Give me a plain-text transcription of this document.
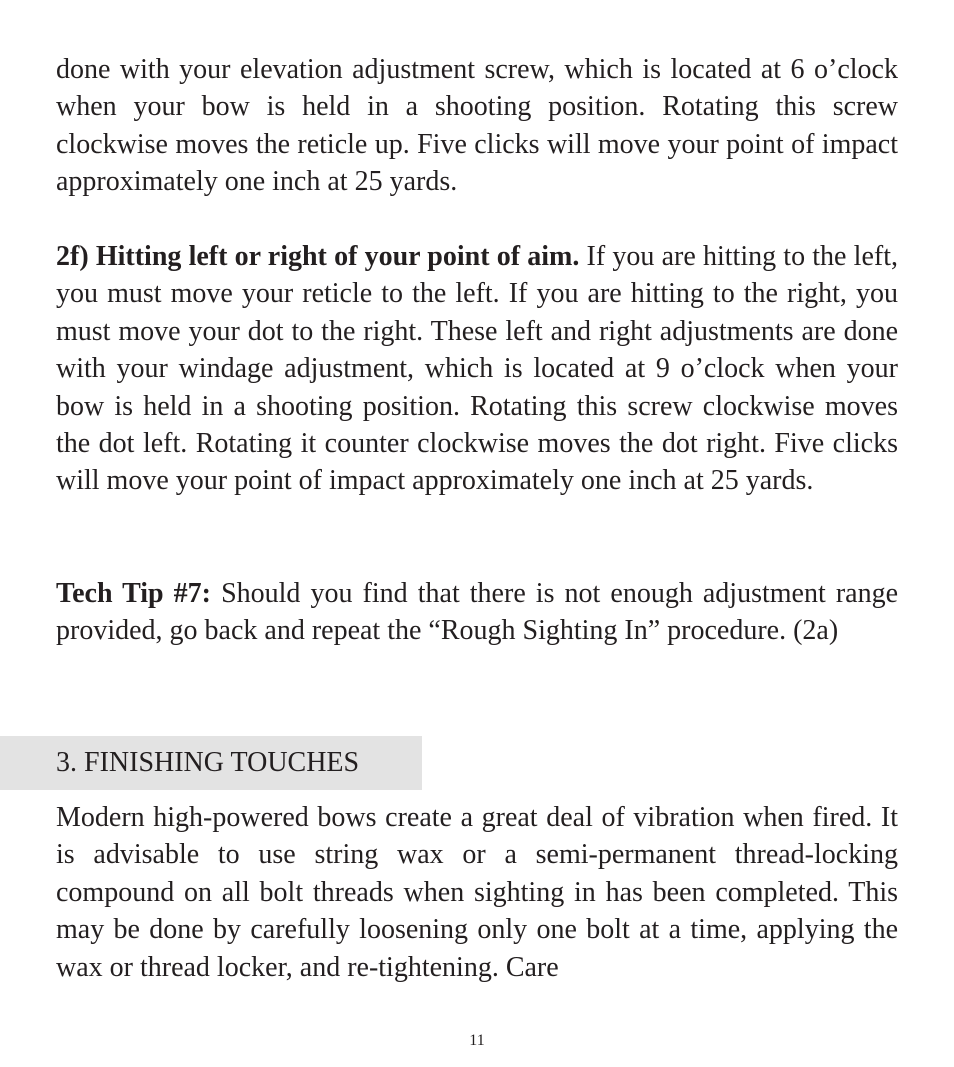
done with your elevation adjustment screw, which is located at 6 o’clock when your bow is held in a shooting position. Rotating this screw clockwise moves the reticle up. Five clicks will move your point of impact approximately one inch at 25 yards.

2f) Hitting left or right of your point of aim. If you are hitting to the left, you must move your reticle to the left. If you are hitting to the right, you must move your dot to the right. These left and right adjustments are done with your windage adjustment, which is located at 9 o’clock when your bow is held in a shooting position. Rotating this screw clockwise moves the dot left. Rotating it counter clockwise moves the dot right. Five clicks will move your point of impact approximately one inch at 25 yards.

Tech Tip #7: Should you find that there is not enough adjustment range provided, go back and repeat the “Rough Sighting In” procedure. (2a)

3. FINISHING TOUCHES

Modern high-powered bows create a great deal of vibration when fired. It is advisable to use string wax or a semi-permanent thread-locking compound on all bolt threads when sighting in has been completed. This may be done by carefully loosening only one bolt at a time, applying the wax or thread locker, and re-tightening. Care

11
